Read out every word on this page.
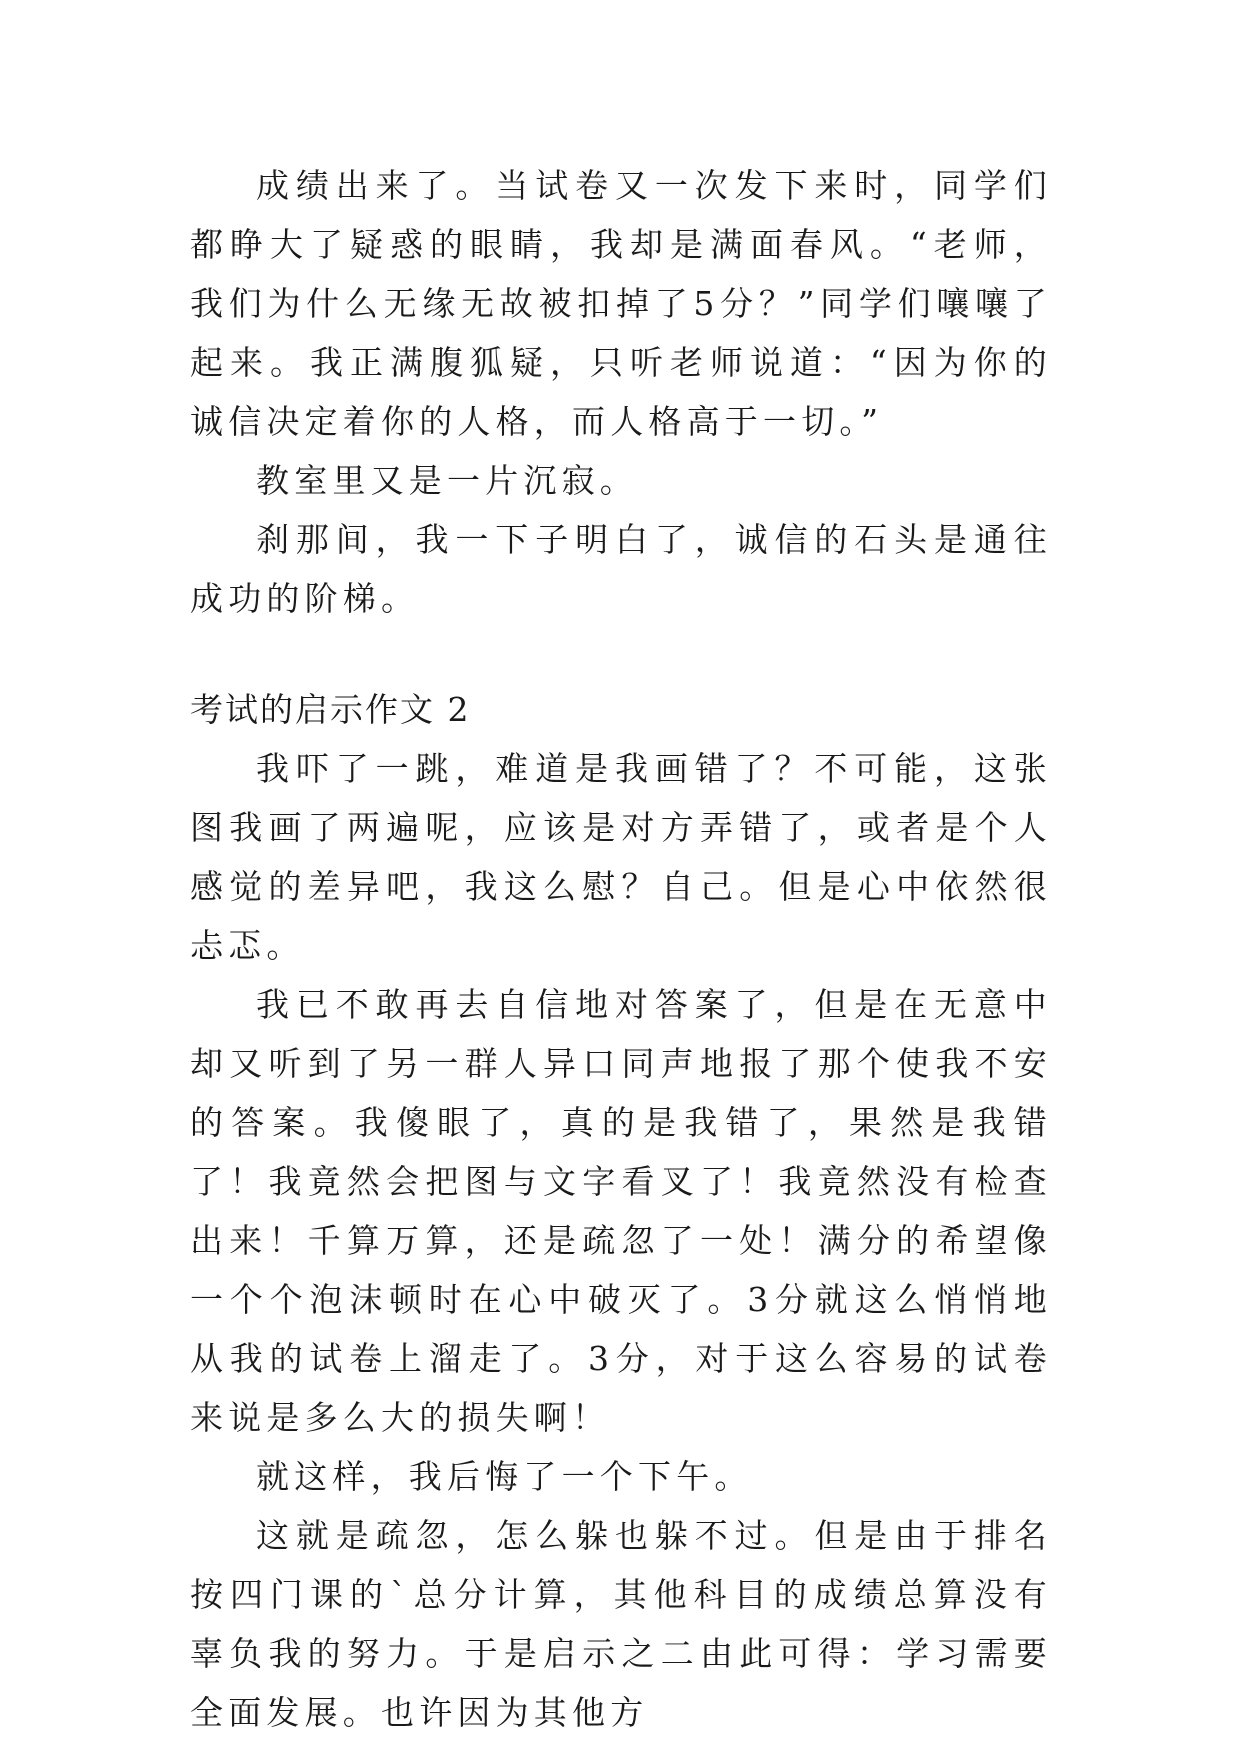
成绩出来了。当试卷又一次发下来时，同学们都睁大了疑惑的眼睛，我却是满面春风。“老师，我们为什么无缘无故被扣掉了5分？”同学们嚷嚷了起来。我正满腹狐疑，只听老师说道：“因为你的诚信决定着你的人格，而人格高于一切。”

教室里又是一片沉寂。

刹那间，我一下子明白了，诚信的石头是通往成功的阶梯。

考试的启示作文 2

我吓了一跳，难道是我画错了？不可能，这张图我画了两遍呢，应该是对方弄错了，或者是个人感觉的差异吧，我这么慰？自己。但是心中依然很忐忑。

我已不敢再去自信地对答案了，但是在无意中却又听到了另一群人异口同声地报了那个使我不安的答案。我傻眼了，真的是我错了，果然是我错了！我竟然会把图与文字看叉了！我竟然没有检查出来！千算万算，还是疏忽了一处！满分的希望像一个个泡沫顿时在心中破灭了。3分就这么悄悄地从我的试卷上溜走了。3分，对于这么容易的试卷来说是多么大的损失啊！

就这样，我后悔了一个下午。

这就是疏忽，怎么躲也躲不过。但是由于排名按四门课的`总分计算，其他科目的成绩总算没有辜负我的努力。于是启示之二由此可得：学习需要全面发展。也许因为其他方
